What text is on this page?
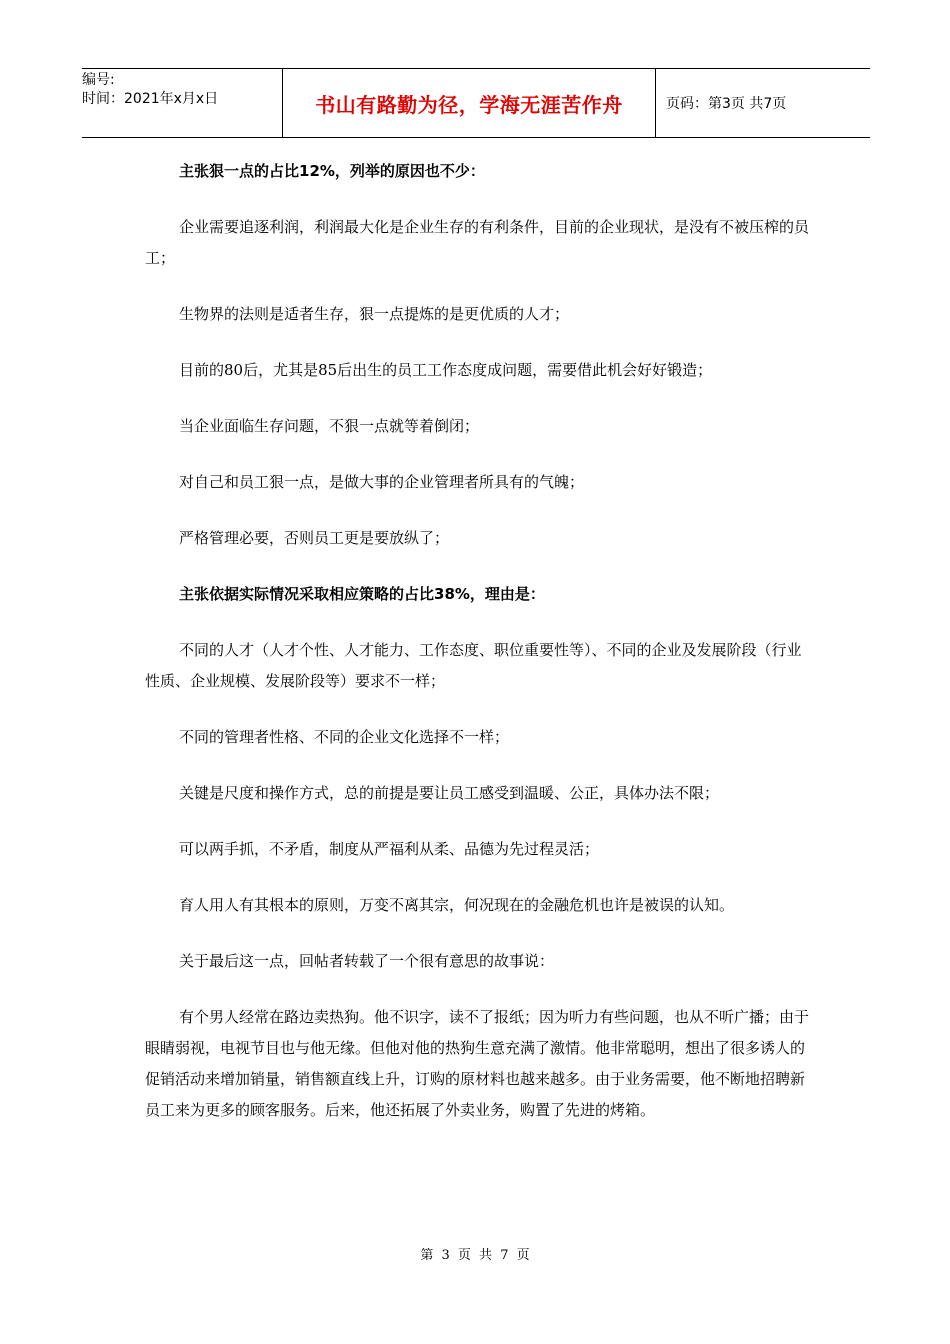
编号:
时间：2021年x月x日	书山有路勤为径，学海无涯苦作舟	页码：第3页 共7页

主张狠一点的占比12%，列举的原因也不少：

企业需要追逐利润，利润最大化是企业生存的有利条件，目前的企业现状，是没有不被压榨的员工；

生物界的法则是适者生存，狠一点提炼的是更优质的人才；

目前的80后，尤其是85后出生的员工工作态度成问题，需要借此机会好好锻造；

当企业面临生存问题，不狠一点就等着倒闭；

对自己和员工狠一点，是做大事的企业管理者所具有的气魄；

严格管理必要，否则员工更是要放纵了；

主张依据实际情况采取相应策略的占比38%，理由是：

不同的人才（人才个性、人才能力、工作态度、职位重要性等）、不同的企业及发展阶段（行业性质、企业规模、发展阶段等）要求不一样；

不同的管理者性格、不同的企业文化选择不一样；

关键是尺度和操作方式，总的前提是要让员工感受到温暖、公正，具体办法不限；

可以两手抓，不矛盾，制度从严福利从柔、品德为先过程灵活；

育人用人有其根本的原则，万变不离其宗，何况现在的金融危机也许是被误的认知。

关于最后这一点，回帖者转载了一个很有意思的故事说：

有个男人经常在路边卖热狗。他不识字，读不了报纸；因为听力有些问题，也从不听广播；由于眼睛弱视，电视节目也与他无缘。但他对他的热狗生意充满了激情。他非常聪明，想出了很多诱人的促销活动来增加销量，销售额直线上升，订购的原材料也越来越多。由于业务需要，他不断地招聘新员工来为更多的顾客服务。后来，他还拓展了外卖业务，购置了先进的烤箱。

第 3 页 共 7 页
